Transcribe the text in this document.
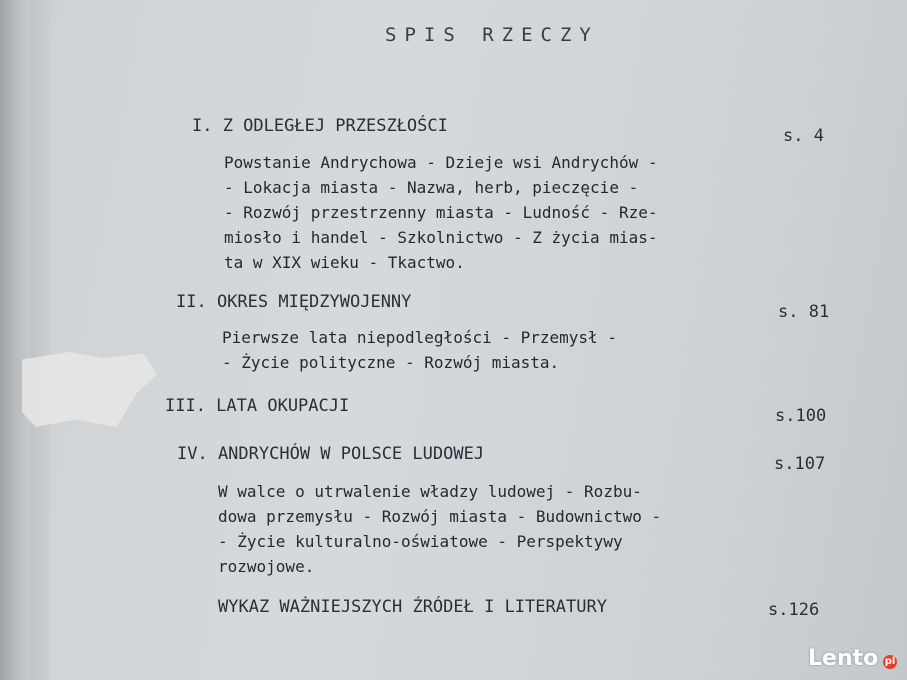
SPIS RZECZY
I. Z ODLEGŁEJ PRZESZŁOŚCI	s. 4
Powstanie Andrychowa - Dzieje wsi Andrychów -
- Lokacja miasta - Nazwa, herb, pieczęcie -
- Rozwój przestrzenny miasta - Ludność - Rze-
miosło i handel - Szkolnictwo - Z życia mias-
ta w XIX wieku - Tkactwo.
II. OKRES MIĘDZYWOJENNY	s. 81
Pierwsze lata niepodległości - Przemysł -
- Życie polityczne - Rozwój miasta.
III. LATA OKUPACJI	s.100
IV. ANDRYCHÓW W POLSCE LUDOWEJ	s.107
W walce o utrwalenie władzy ludowej - Rozbu-
dowa przemysłu - Rozwój miasta - Budownictwo -
- Życie kulturalno-oświatowe - Perspektywy
rozwojowe.
WYKAZ WAŻNIEJSZYCH ŹRÓDEŁ I LITERATURY	s.126
Lento pl
